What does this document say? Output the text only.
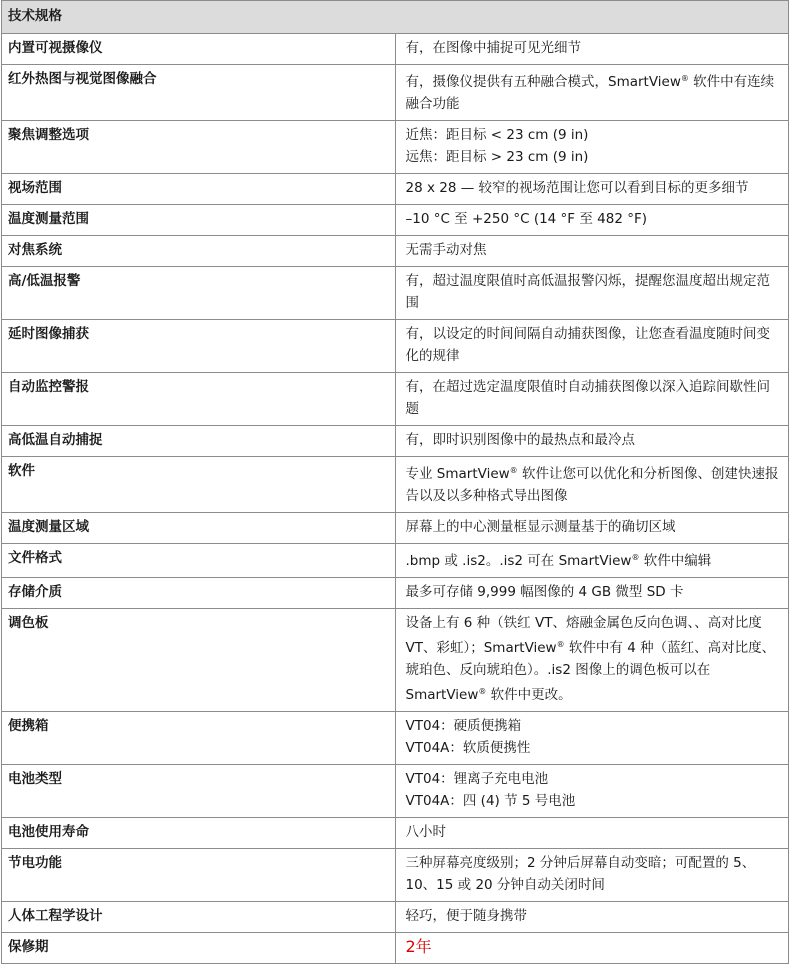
技术规格	
内置可视摄像仪	有，在图像中捕捉可见光细节

红外热图与视觉图像融合	有，摄像仪提供有五种融合模式，SmartView® 软件中有连续融合功能

聚焦调整选项	近焦：距目标 < 23 cm (9 in)
远焦：距目标 > 23 cm (9 in)

视场范围	28 x 28 — 较窄的视场范围让您可以看到目标的更多细节

温度测量范围	–10 °C 至 +250 °C (14 °F 至 482 °F)

对焦系统	无需手动对焦

高/低温报警	有，超过温度限值时高低温报警闪烁，提醒您温度超出规定范围

延时图像捕获	有，以设定的时间间隔自动捕获图像，让您查看温度随时间变化的规律

自动监控警报	有，在超过选定温度限值时自动捕获图像以深入追踪间歇性问题

高低温自动捕捉	有，即时识别图像中的最热点和最冷点

软件	专业 SmartView® 软件让您可以优化和分析图像、创建快速报告以及以多种格式导出图像

温度测量区域	屏幕上的中心测量框显示测量基于的确切区域

文件格式	.bmp 或 .is2。.is2 可在 SmartView® 软件中编辑

存储介质	最多可存储 9,999 幅图像的 4 GB 微型 SD 卡

调色板	设备上有 6 种（铁红 VT、熔融金属色反向色调、、高对比度 VT、彩虹）；SmartView® 软件中有 4 种（蓝红、高对比度、琥珀色、反向琥珀色）。.is2 图像上的调色板可以在 SmartView® 软件中更改。

便携箱	VT04：硬质便携箱
VT04A：软质便携性

电池类型	VT04：锂离子充电电池
VT04A：四 (4) 节 5 号电池

电池使用寿命	八小时

节电功能	三种屏幕亮度级别；2 分钟后屏幕自动变暗；可配置的 5、10、15 或 20 分钟自动关闭时间

人体工程学设计	轻巧，便于随身携带

保修期	2年
